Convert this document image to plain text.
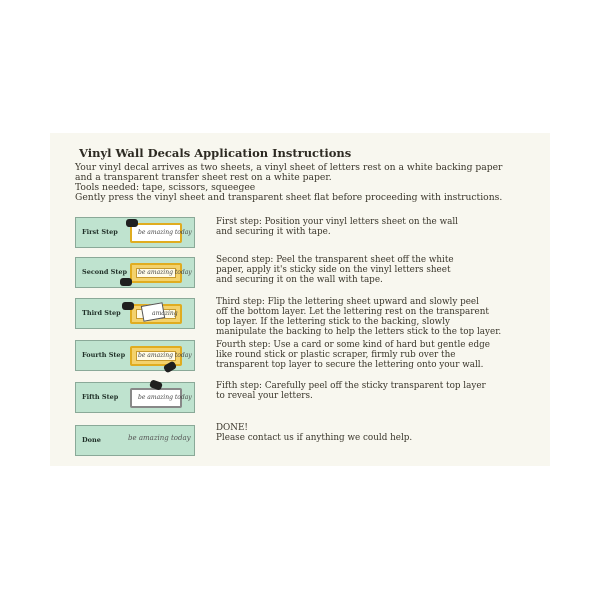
Vinyl Wall Decals Application Instructions
Your vinyl decal arrives as two sheets, a vinyl sheet of letters rest on a white backing paper
and a transparent transfer sheet rest on a white paper.
Tools needed: tape, scissors, squeegee
Gently press the vinyl sheet and transparent sheet flat before proceeding with instructions.
First Step	be amazing today
First step: Position your vinyl letters sheet on the wall
and securing it with tape.
Second Step be amazing today
Second step: Peel the transparent sheet off the white
paper, apply it's sticky side on the vinyl letters sheet
and securing it on the wall with tape.
Third Step	amazing
Third step: Flip the lettering sheet upward and slowly peel
off the bottom layer. Let the lettering rest on the transparent
top layer. If the lettering stick to the backing, slowly
manipulate the backing to help the letters stick to the top layer.
Fourth Step be amazing today
Fourth step: Use a card or some kind of hard but gentle edge
like round stick or plastic scraper, firmly rub over the
transparent top layer to secure the lettering onto your wall.
Fifth Step	be amazing today
Fifth step: Carefully peel off the sticky transparent top layer
to reveal your letters.
Done	be amazing today
DONE!
Please contact us if anything we could help.
